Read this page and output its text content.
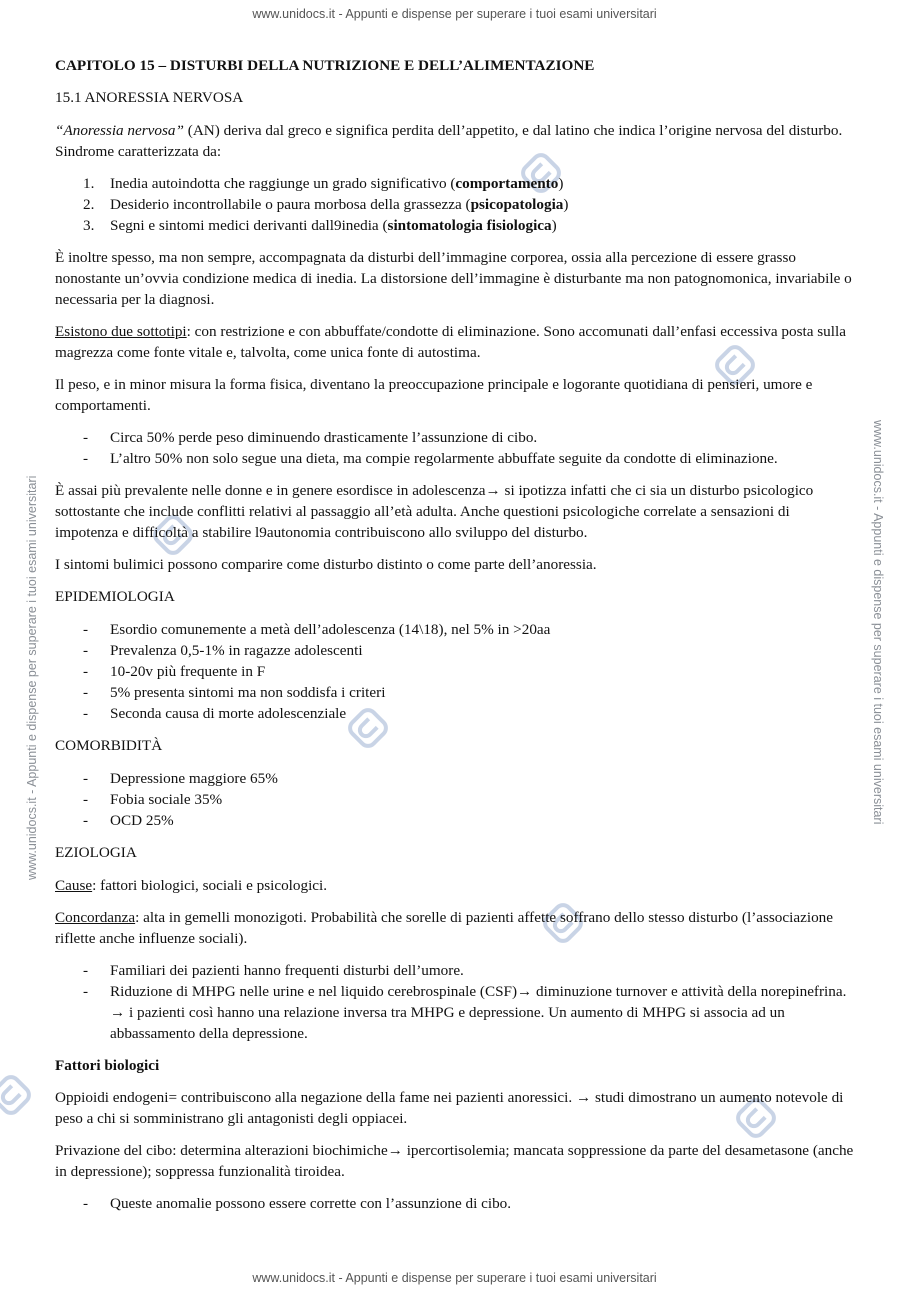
www.unidocs.it - Appunti e dispense per superare i tuoi esami universitari
www.unidocs.it - Appunti e dispense per superare i tuoi esami universitari
www.unidocs.it - Appunti e dispense per superare i tuoi esami universitari	www.unidocs.it - Appunti e dispense per superare i tuoi esami universitari
CAPITOLO 15 – DISTURBI DELLA NUTRIZIONE E DELL’ALIMENTAZIONE
15.1 ANORESSIA NERVOSA

“Anoressia nervosa” (AN) deriva dal greco e significa perdita dell’appetito, e dal latino che indica l’origine nervosa del disturbo. Sindrome caratterizzata da:

1. Inedia autoindotta che raggiunge un grado significativo (comportamento)
2. Desiderio incontrollabile o paura morbosa della grassezza (psicopatologia)
3. Segni e sintomi medici derivanti dall9inedia (sintomatologia fisiologica)

È inoltre spesso, ma non sempre, accompagnata da disturbi dell’immagine corporea, ossia alla percezione di essere grasso nonostante un’ovvia condizione medica di inedia. La distorsione dell’immagine è disturbante ma non patognomonica, invariabile o necessaria per la diagnosi.

Esistono due sottotipi: con restrizione e con abbuffate/condotte di eliminazione. Sono accomunati dall’enfasi eccessiva posta sulla magrezza come fonte vitale e, talvolta, come unica fonte di autostima.

Il peso, e in minor misura la forma fisica, diventano la preoccupazione principale e logorante quotidiana di pensieri, umore e comportamenti.

- Circa 50% perde peso diminuendo drasticamente l’assunzione di cibo.
- L’altro 50% non solo segue una dieta, ma compie regolarmente abbuffate seguite da condotte di eliminazione.

È assai più prevalente nelle donne e in genere esordisce in adolescenza→ si ipotizza infatti che ci sia un disturbo psicologico sottostante che include conflitti relativi al passaggio all’età adulta. Anche questioni psicologiche correlate a sensazioni di impotenza e difficoltà a stabilire l9autonomia contribuiscono allo sviluppo del disturbo.

I sintomi bulimici possono comparire come disturbo distinto o come parte dell’anoressia.

EPIDEMIOLOGIA
- Esordio comunemente a metà dell’adolescenza (14\18), nel 5% in >20aa
- Prevalenza 0,5-1% in ragazze adolescenti
- 10-20v più frequente in F
- 5% presenta sintomi ma non soddisfa i criteri
- Seconda causa di morte adolescenziale
COMORBIDITÀ
- Depressione maggiore 65%
- Fobia sociale 35%
- OCD 25%
EZIOLOGIA

Cause: fattori biologici, sociali e psicologici.

Concordanza: alta in gemelli monozigoti. Probabilità che sorelle di pazienti affette soffrano dello stesso disturbo (l’associazione riflette anche influenze sociali).

- Familiari dei pazienti hanno frequenti disturbi dell’umore.
- Riduzione di MHPG nelle urine e nel liquido cerebrospinale (CSF)→ diminuzione turnover e attività della norepinefrina. → i pazienti così hanno una relazione inversa tra MHPG e depressione. Un aumento di MHPG si associa ad un abbassamento della depressione.

Fattori biologici

Oppioidi endogeni= contribuiscono alla negazione della fame nei pazienti anoressici. → studi dimostrano un aumento notevole di peso a chi si somministrano gli antagonisti degli oppiacei.

Privazione del cibo: determina alterazioni biochimiche→ ipercortisolemia; mancata soppressione da parte del desametasone (anche in depressione); soppressa funzionalità tiroidea.

- Queste anomalie possono essere corrette con l’assunzione di cibo.
